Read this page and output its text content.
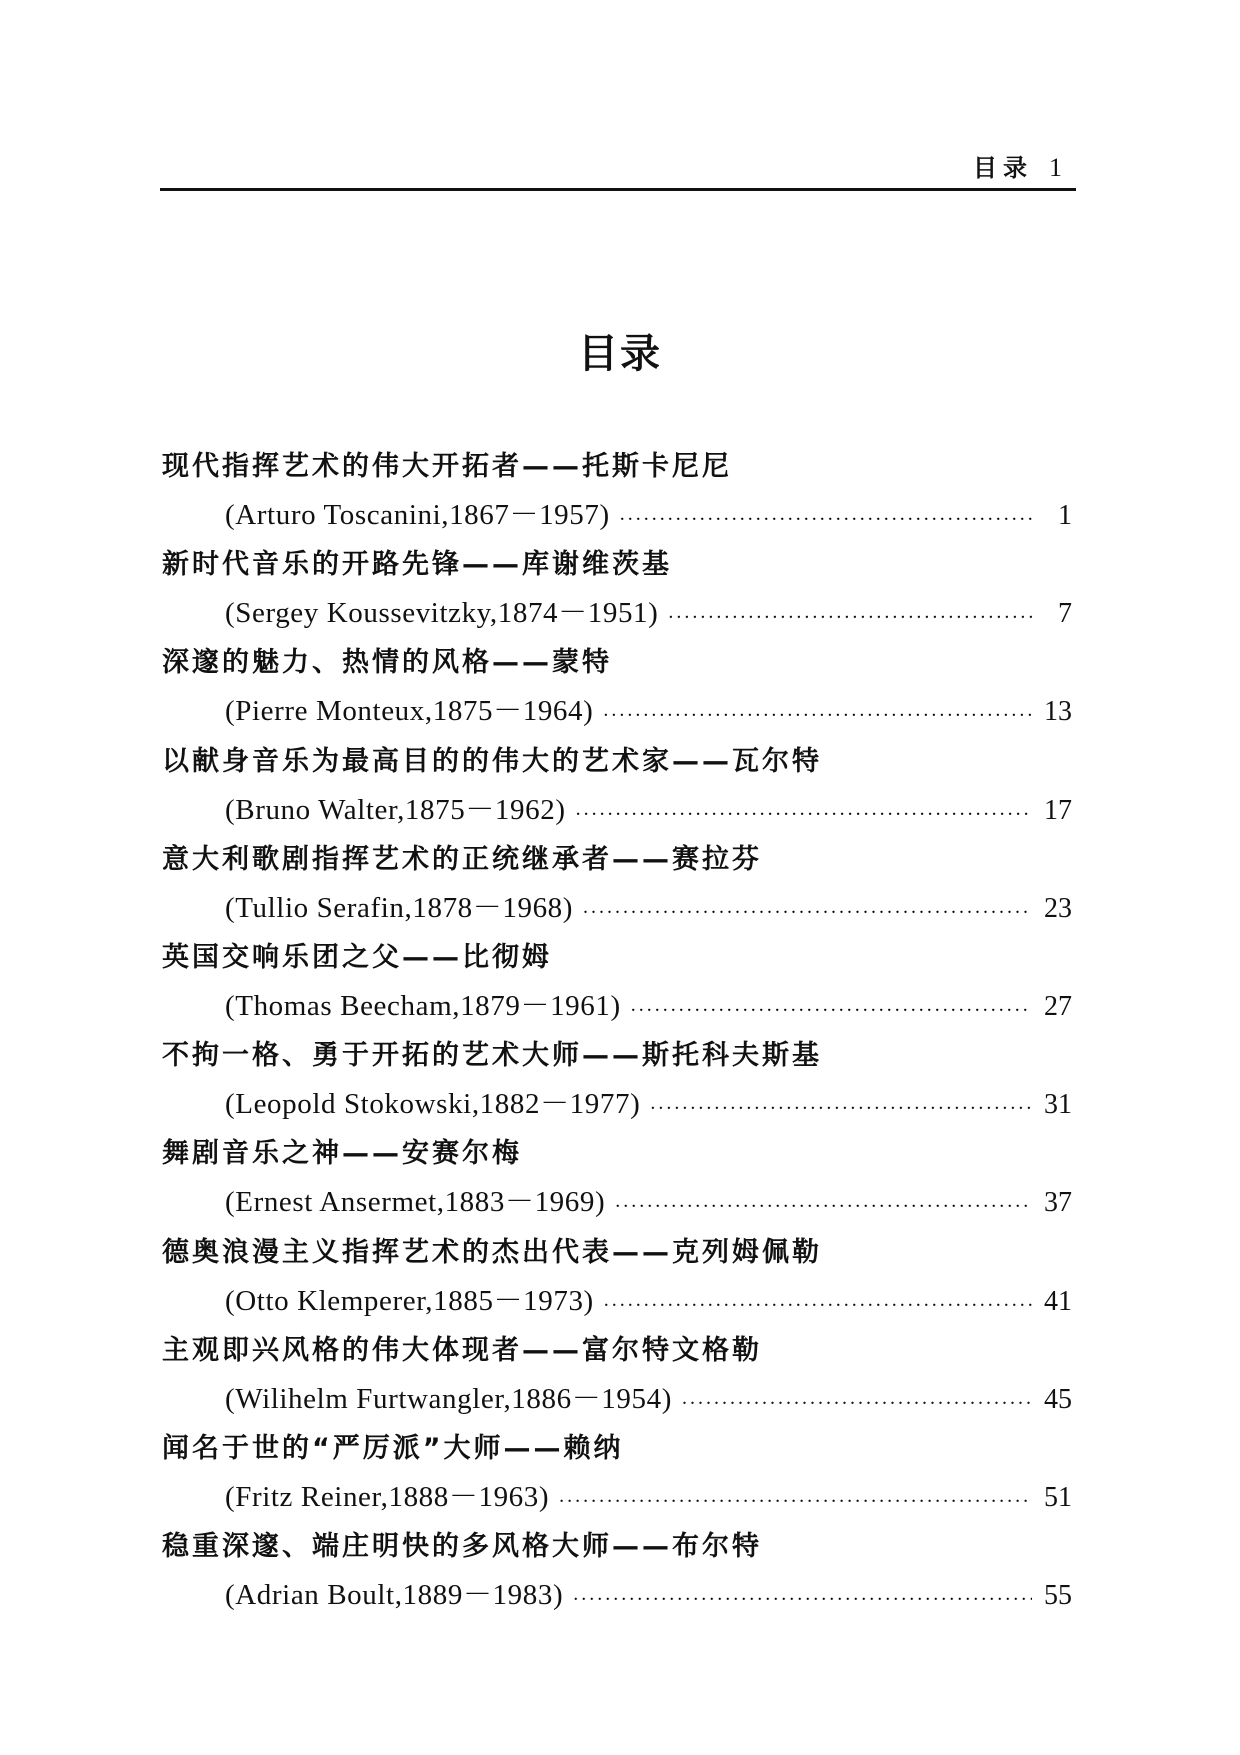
目录 1
目录
现代指挥艺术的伟大开拓者——托斯卡尼尼
(Arturo Toscanini,1867－1957) .....	1
新时代音乐的开路先锋——库谢维茨基
(Sergey Koussevitzky,1874－1951) .....	7
深邃的魅力、热情的风格——蒙特
(Pierre Monteux,1875－1964) .....	13
以献身音乐为最高目的的伟大的艺术家——瓦尔特
(Bruno Walter,1875－1962) .....	17
意大利歌剧指挥艺术的正统继承者——赛拉芬
(Tullio Serafin,1878－1968) .....	23
英国交响乐团之父——比彻姆
(Thomas Beecham,1879－1961) .....	27
不拘一格、勇于开拓的艺术大师——斯托科夫斯基
(Leopold Stokowski,1882－1977) .....	31
舞剧音乐之神——安赛尔梅
(Ernest Ansermet,1883－1969) .....	37
德奥浪漫主义指挥艺术的杰出代表——克列姆佩勒
(Otto Klemperer,1885－1973) .....	41
主观即兴风格的伟大体现者——富尔特文格勒
(Wilihelm Furtwangler,1886－1954) .....	45
闻名于世的“严厉派”大师——赖纳
(Fritz Reiner,1888－1963) .....	51
稳重深邃、端庄明快的多风格大师——布尔特
(Adrian Boult,1889－1983) .....	55
